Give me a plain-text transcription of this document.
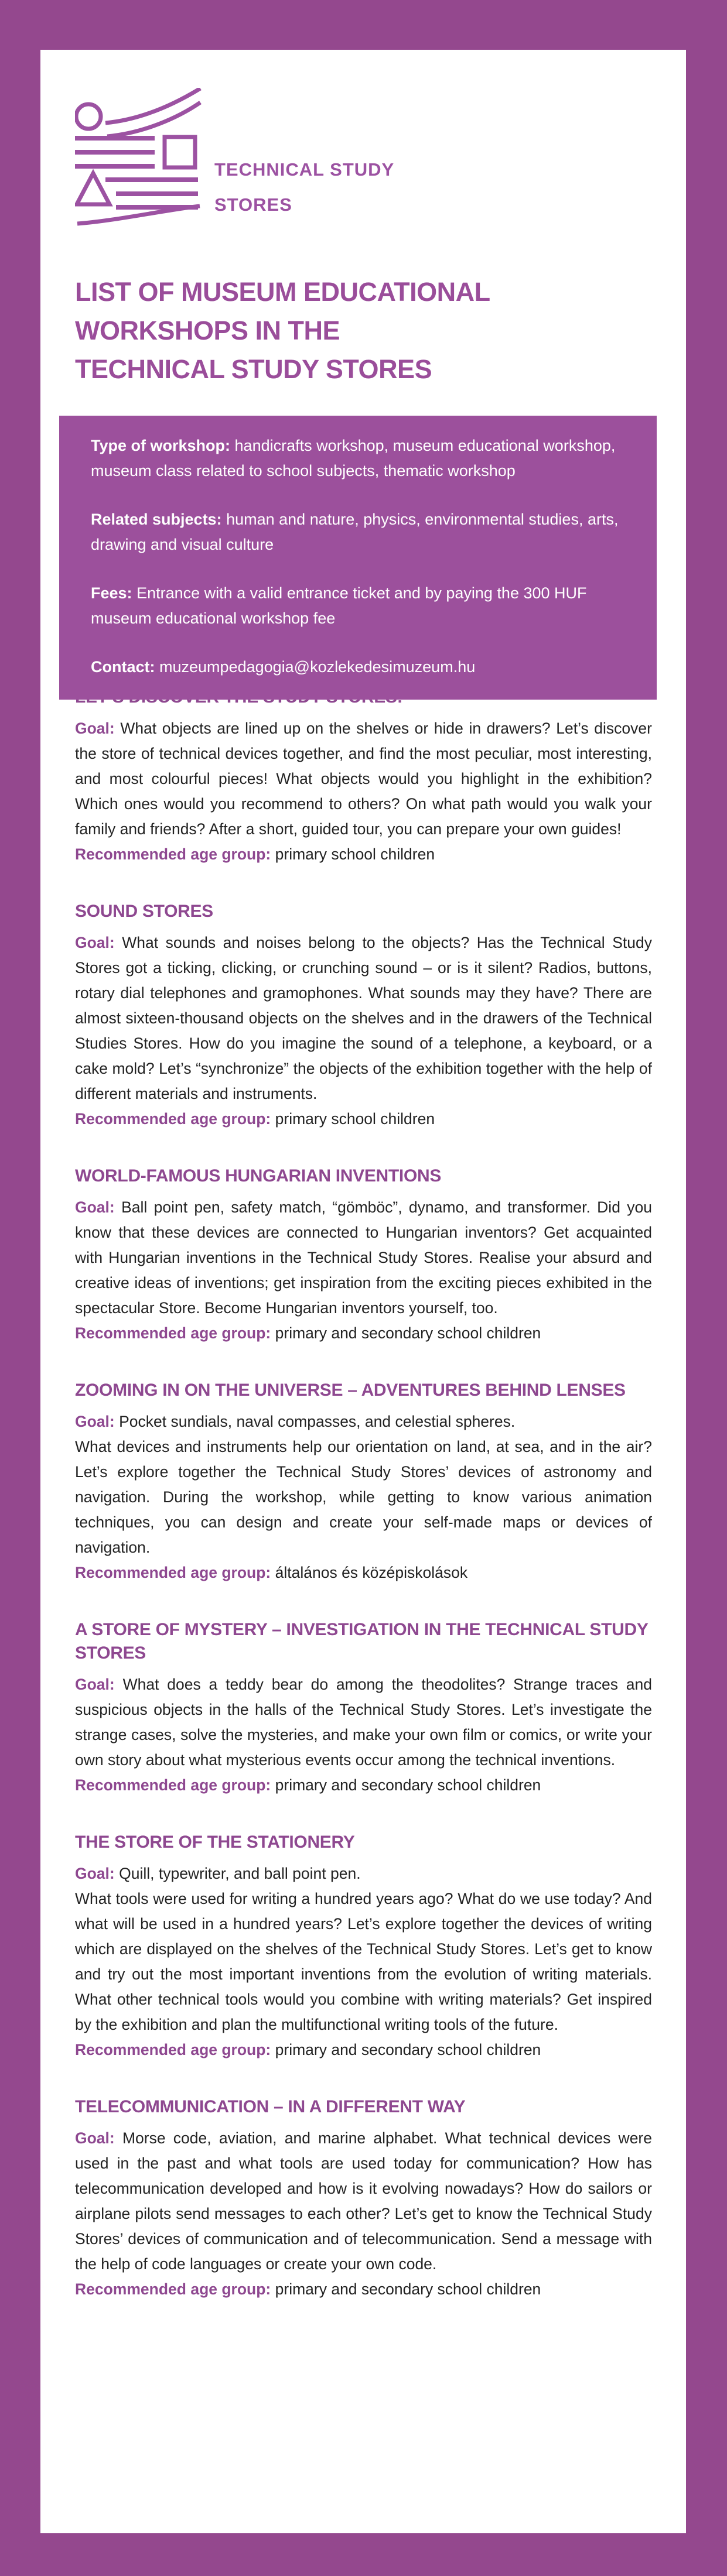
TECHNICAL STUDY
STORES
LIST OF MUSEUM EDUCATIONAL
WORKSHOPS IN THE
TECHNICAL STUDY STORES
Type of workshop: handicrafts workshop, museum educational workshop, museum class related to school subjects, thematic workshop
Related subjects: human and nature, physics, environmental studies, arts, drawing and visual culture
Fees: Entrance with a valid entrance ticket and by paying the 300 HUF museum educational workshop fee
Contact: muzeumpedagogia@kozlekedesimuzeum.hu

Goal: What objects are lined up on the shelves or hide in drawers? Let’s discover the store of technical devices together, and find the most peculiar, most interesting, and most colourful pieces! What objects would you highlight in the exhibition? Which ones would you recommend to others? On what path would you walk your family and friends? After a short, guided tour, you can prepare your own guides!

Recommended age group: primary school children

SOUND STORES

Goal: What sounds and noises belong to the objects? Has the Technical Study Stores got a ticking, clicking, or crunching sound – or is it silent? Radios, buttons, rotary dial telephones and gramophones. What sounds may they have? There are almost sixteen-thousand objects on the shelves and in the drawers of the Technical Studies Stores. How do you imagine the sound of a telephone, a keyboard, or a cake mold? Let’s “synchronize” the objects of the exhibition together with the help of different materials and instruments.

Recommended age group: primary school children

WORLD-FAMOUS HUNGARIAN INVENTIONS

Goal: Ball point pen, safety match, “gömböc”, dynamo, and transformer. Did you know that these devices are connected to Hungarian inventors? Get acquainted with Hungarian inventions in the Technical Study Stores. Realise your absurd and creative ideas of inventions; get inspiration from the exciting pieces exhibited in the spectacular Store. Become Hungarian inventors yourself, too.

Recommended age group: primary and secondary school children

ZOOMING IN ON THE UNIVERSE – ADVENTURES BEHIND LENSES

Goal: Pocket sundials, naval compasses, and celestial spheres.

What devices and instruments help our orientation on land, at sea, and in the air? Let’s explore together the Technical Study Stores’ devices of astronomy and navigation. During the workshop, while getting to know various animation techniques, you can design and create your self-made maps or devices of navigation.

Recommended age group: általános és középiskolások

A STORE OF MYSTERY – INVESTIGATION IN THE TECHNICAL STUDY STORES

Goal: What does a teddy bear do among the theodolites? Strange traces and suspicious objects in the halls of the Technical Study Stores. Let’s investigate the strange cases, solve the mysteries, and make your own film or comics, or write your own story about what mysterious events occur among the technical inventions.

Recommended age group: primary and secondary school children

THE STORE OF THE STATIONERY

Goal: Quill, typewriter, and ball point pen.

What tools were used for writing a hundred years ago? What do we use today? And what will be used in a hundred years? Let’s explore together the devices of writing which are displayed on the shelves of the Technical Study Stores. Let’s get to know and try out the most important inventions from the evolution of writing materials. What other technical tools would you combine with writing materials? Get inspired by the exhibition and plan the multifunctional writing tools of the future.

Recommended age group: primary and secondary school children

TELECOMMUNICATION – IN A DIFFERENT WAY

Goal: Morse code, aviation, and marine alphabet. What technical devices were used in the past and what tools are used today for communication? How has telecommunication developed and how is it evolving nowadays? How do sailors or airplane pilots send messages to each other? Let’s get to know the Technical Study Stores’ devices of communication and of telecommunication. Send a message with the help of code languages or create your own code.

Recommended age group: primary and secondary school children
